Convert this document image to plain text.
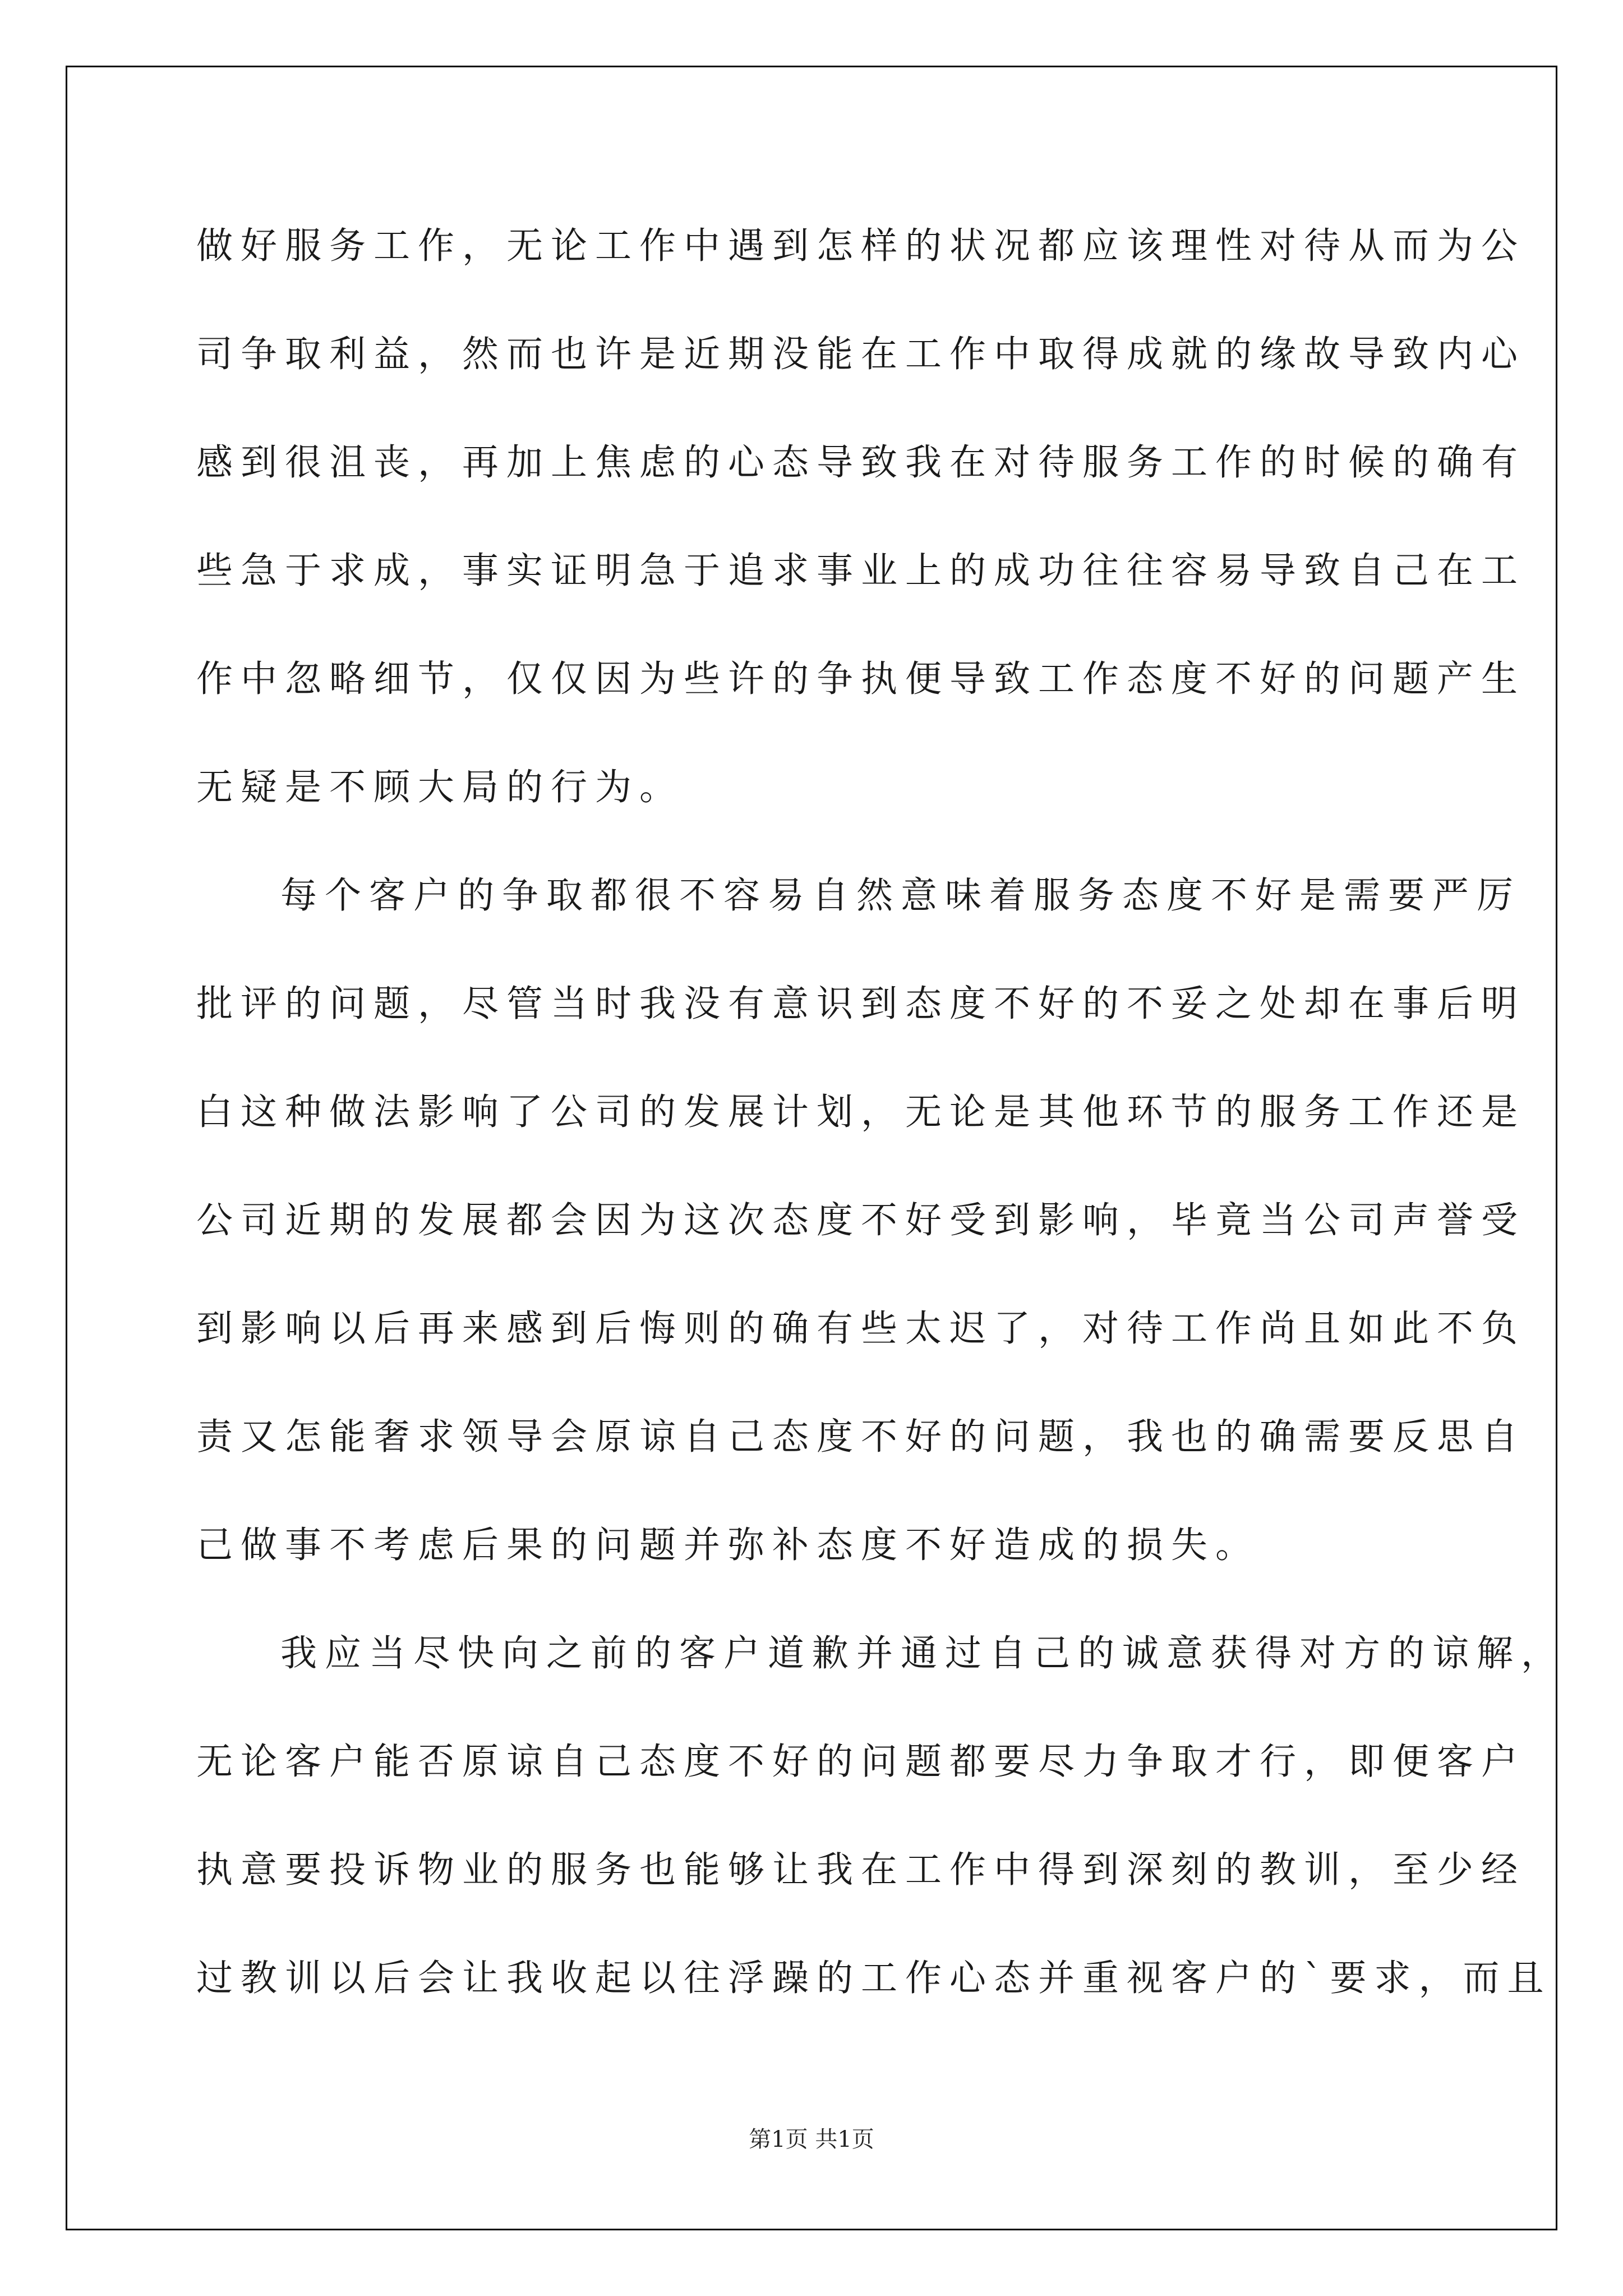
做好服务工作，无论工作中遇到怎样的状况都应该理性对待从而为公
司争取利益，然而也许是近期没能在工作中取得成就的缘故导致内心
感到很沮丧，再加上焦虑的心态导致我在对待服务工作的时候的确有
些急于求成，事实证明急于追求事业上的成功往往容易导致自己在工
作中忽略细节，仅仅因为些许的争执便导致工作态度不好的问题产生
无疑是不顾大局的行为。
每个客户的争取都很不容易自然意味着服务态度不好是需要严厉
批评的问题，尽管当时我没有意识到态度不好的不妥之处却在事后明
白这种做法影响了公司的发展计划，无论是其他环节的服务工作还是
公司近期的发展都会因为这次态度不好受到影响，毕竟当公司声誉受
到影响以后再来感到后悔则的确有些太迟了，对待工作尚且如此不负
责又怎能奢求领导会原谅自己态度不好的问题，我也的确需要反思自
己做事不考虑后果的问题并弥补态度不好造成的损失。
我应当尽快向之前的客户道歉并通过自己的诚意获得对方的谅解，
无论客户能否原谅自己态度不好的问题都要尽力争取才行，即便客户
执意要投诉物业的服务也能够让我在工作中得到深刻的教训，至少经
过教训以后会让我收起以往浮躁的工作心态并重视客户的`要求，而且
第1页 共1页
